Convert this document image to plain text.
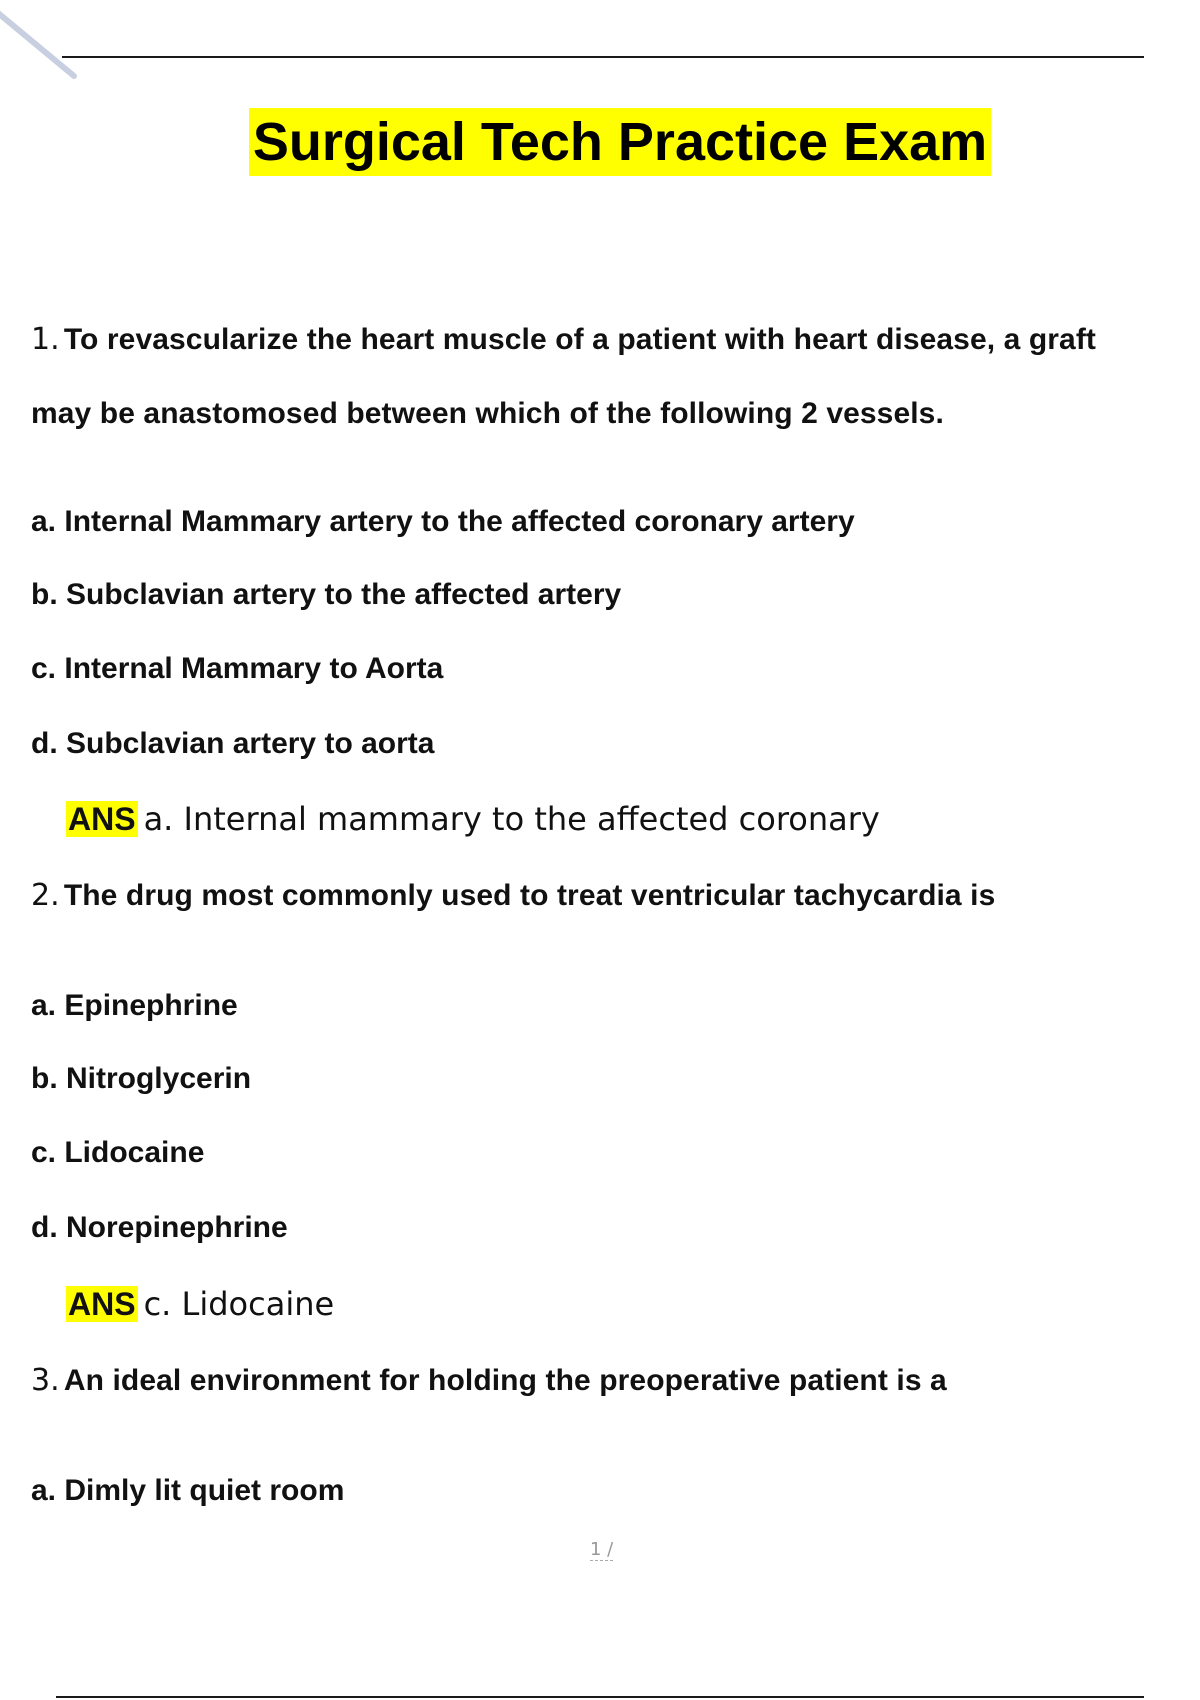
Surgical Tech Practice Exam
1. To revascularize the heart muscle of a patient with heart disease, a graft
may be anastomosed between which of the following 2 vessels.
a. Internal Mammary artery to the affected coronary artery
b. Subclavian artery to the affected artery
c. Internal Mammary to Aorta
d. Subclavian artery to aorta
ANS a. Internal mammary to the affected coronary
2. The drug most commonly used to treat ventricular tachycardia is
a. Epinephrine
b. Nitroglycerin
c. Lidocaine
d. Norepinephrine
ANS c. Lidocaine
3. An ideal environment for holding the preoperative patient is a
a. Dimly lit quiet room
1 /
